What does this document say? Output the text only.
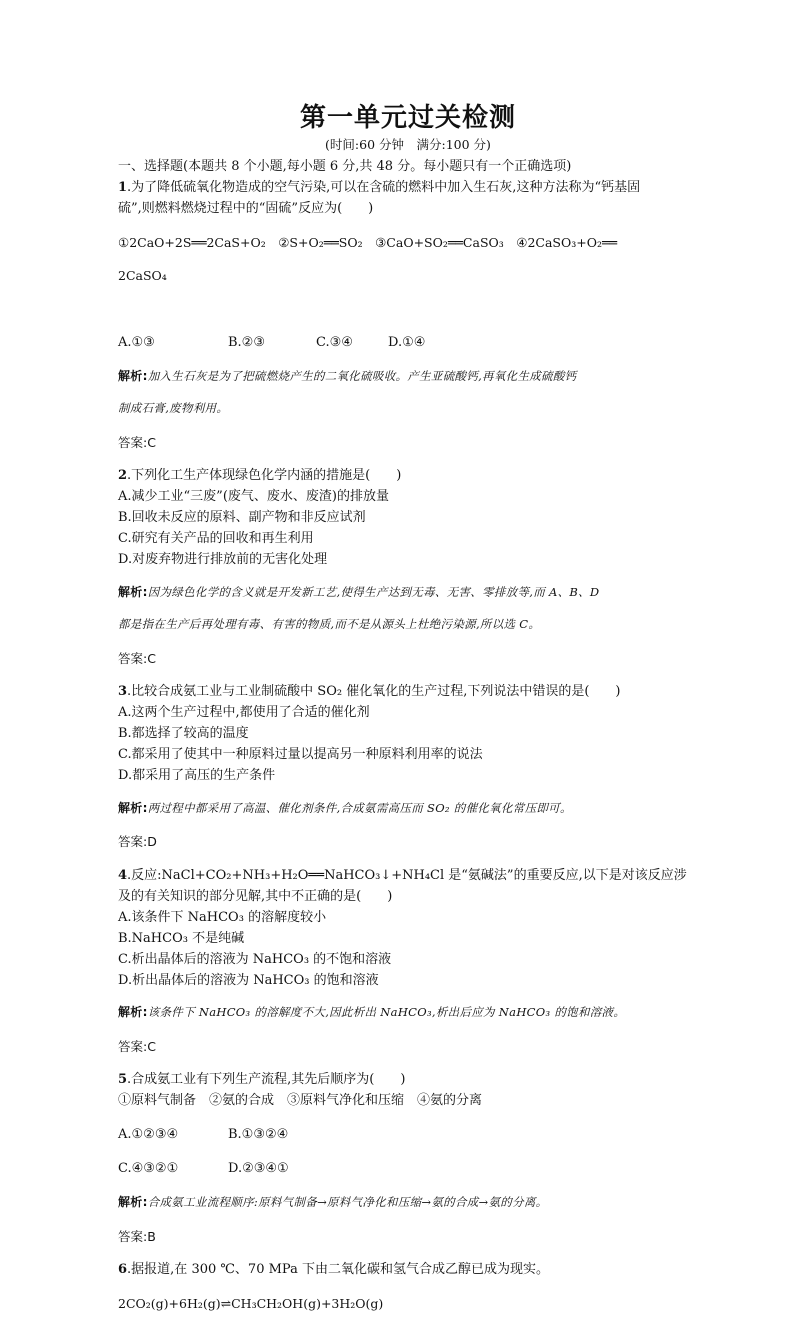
第一单元过关检测

(时间:60 分钟　满分:100 分)

一、选择题(本题共 8 个小题,每小题 6 分,共 48 分。每小题只有一个正确选项)

1.为了降低硫氧化物造成的空气污染,可以在含硫的燃料中加入生石灰,这种方法称为“钙基固

硫”,则燃料燃烧过程中的“固硫”反应为(　　)

①2CaO+2S══2CaS+O₂　②S+O₂══SO₂　③CaO+SO₂══CaSO₃　④2CaSO₃+O₂══

2CaSO₄

A.①③	B.②③	C.③④	D.①④

解析:加入生石灰是为了把硫燃烧产生的二氧化硫吸收。产生亚硫酸钙,再氧化生成硫酸钙

制成石膏,废物利用。

答案:C

2.下列化工生产体现绿色化学内涵的措施是(　　)

A.减少工业“三废”(废气、废水、废渣)的排放量

B.回收未反应的原料、副产物和非反应试剂

C.研究有关产品的回收和再生利用

D.对废弃物进行排放前的无害化处理

解析:因为绿色化学的含义就是开发新工艺,使得生产达到无毒、无害、零排放等,而 A、B、D

都是指在生产后再处理有毒、有害的物质,而不是从源头上杜绝污染源,所以选 C。

答案:C

3.比较合成氨工业与工业制硫酸中 SO₂ 催化氧化的生产过程,下列说法中错误的是(　　)

A.这两个生产过程中,都使用了合适的催化剂

B.都选择了较高的温度

C.都采用了使其中一种原料过量以提高另一种原料利用率的说法

D.都采用了高压的生产条件

解析:两过程中都采用了高温、催化剂条件,合成氨需高压而 SO₂ 的催化氧化常压即可。

答案:D

4.反应:NaCl+CO₂+NH₃+H₂O══NaHCO₃↓+NH₄Cl 是“氨碱法”的重要反应,以下是对该反应涉

及的有关知识的部分见解,其中不正确的是(　　)

A.该条件下 NaHCO₃ 的溶解度较小

B.NaHCO₃ 不是纯碱

C.析出晶体后的溶液为 NaHCO₃ 的不饱和溶液

D.析出晶体后的溶液为 NaHCO₃ 的饱和溶液

解析:该条件下 NaHCO₃ 的溶解度不大,因此析出 NaHCO₃,析出后应为 NaHCO₃ 的饱和溶液。

答案:C

5.合成氨工业有下列生产流程,其先后顺序为(　　)

①原料气制备　②氨的合成　③原料气净化和压缩　④氨的分离

A.①②③④	B.①③②④

C.④③②①	D.②③④①

解析:合成氨工业流程顺序:原料气制备→原料气净化和压缩→氨的合成→氨的分离。

答案:B

6.据报道,在 300 ℃、70 MPa 下由二氧化碳和氢气合成乙醇已成为现实。

2CO₂(g)+6H₂(g)⇌CH₃CH₂OH(g)+3H₂O(g)
